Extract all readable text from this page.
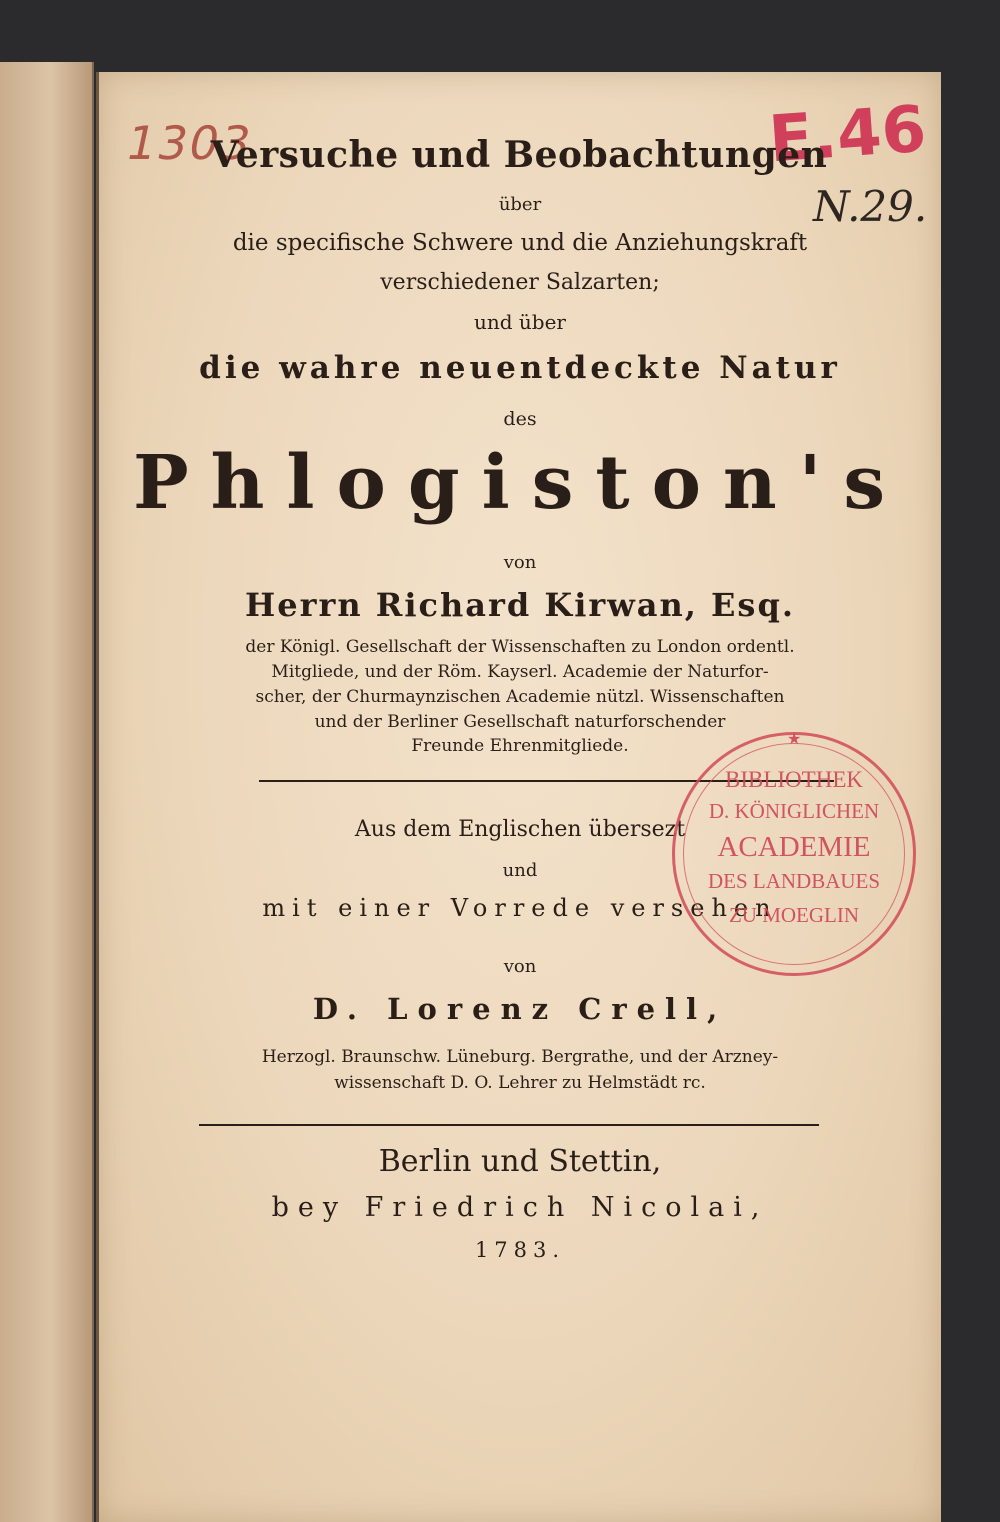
1303	E.46
N.29.
Versuche und Beobachtungen
über
die specifische Schwere und die Anziehungskraft
verschiedener Salzarten;
und über
die wahre neuentdeckte Natur
des
Phlogiston's
von
Herrn Richard Kirwan, Esq.
der Königl. Gesellschaft der Wissenschaften zu London ordentl.
Mitgliede, und der Röm. Kayserl. Academie der Naturfor-
scher, der Churmaynzischen Academie nützl. Wissenschaften
und der Berliner Gesellschaft naturforschender
Freunde Ehrenmitgliede.
Aus dem Englischen übersezt
und
mit einer Vorrede versehen
von
D. Lorenz Crell,
Herzogl. Braunschw. Lüneburg. Bergrathe, und der Arzney-
wissenschaft D. O. Lehrer zu Helmstädt rc.
Berlin und Stettin,
bey Friedrich Nicolai,
1783.
★
BIBLIOTHEK
D. KÖNIGLICHEN
ACADEMIE
DES LANDBAUES
ZU MOEGLIN
